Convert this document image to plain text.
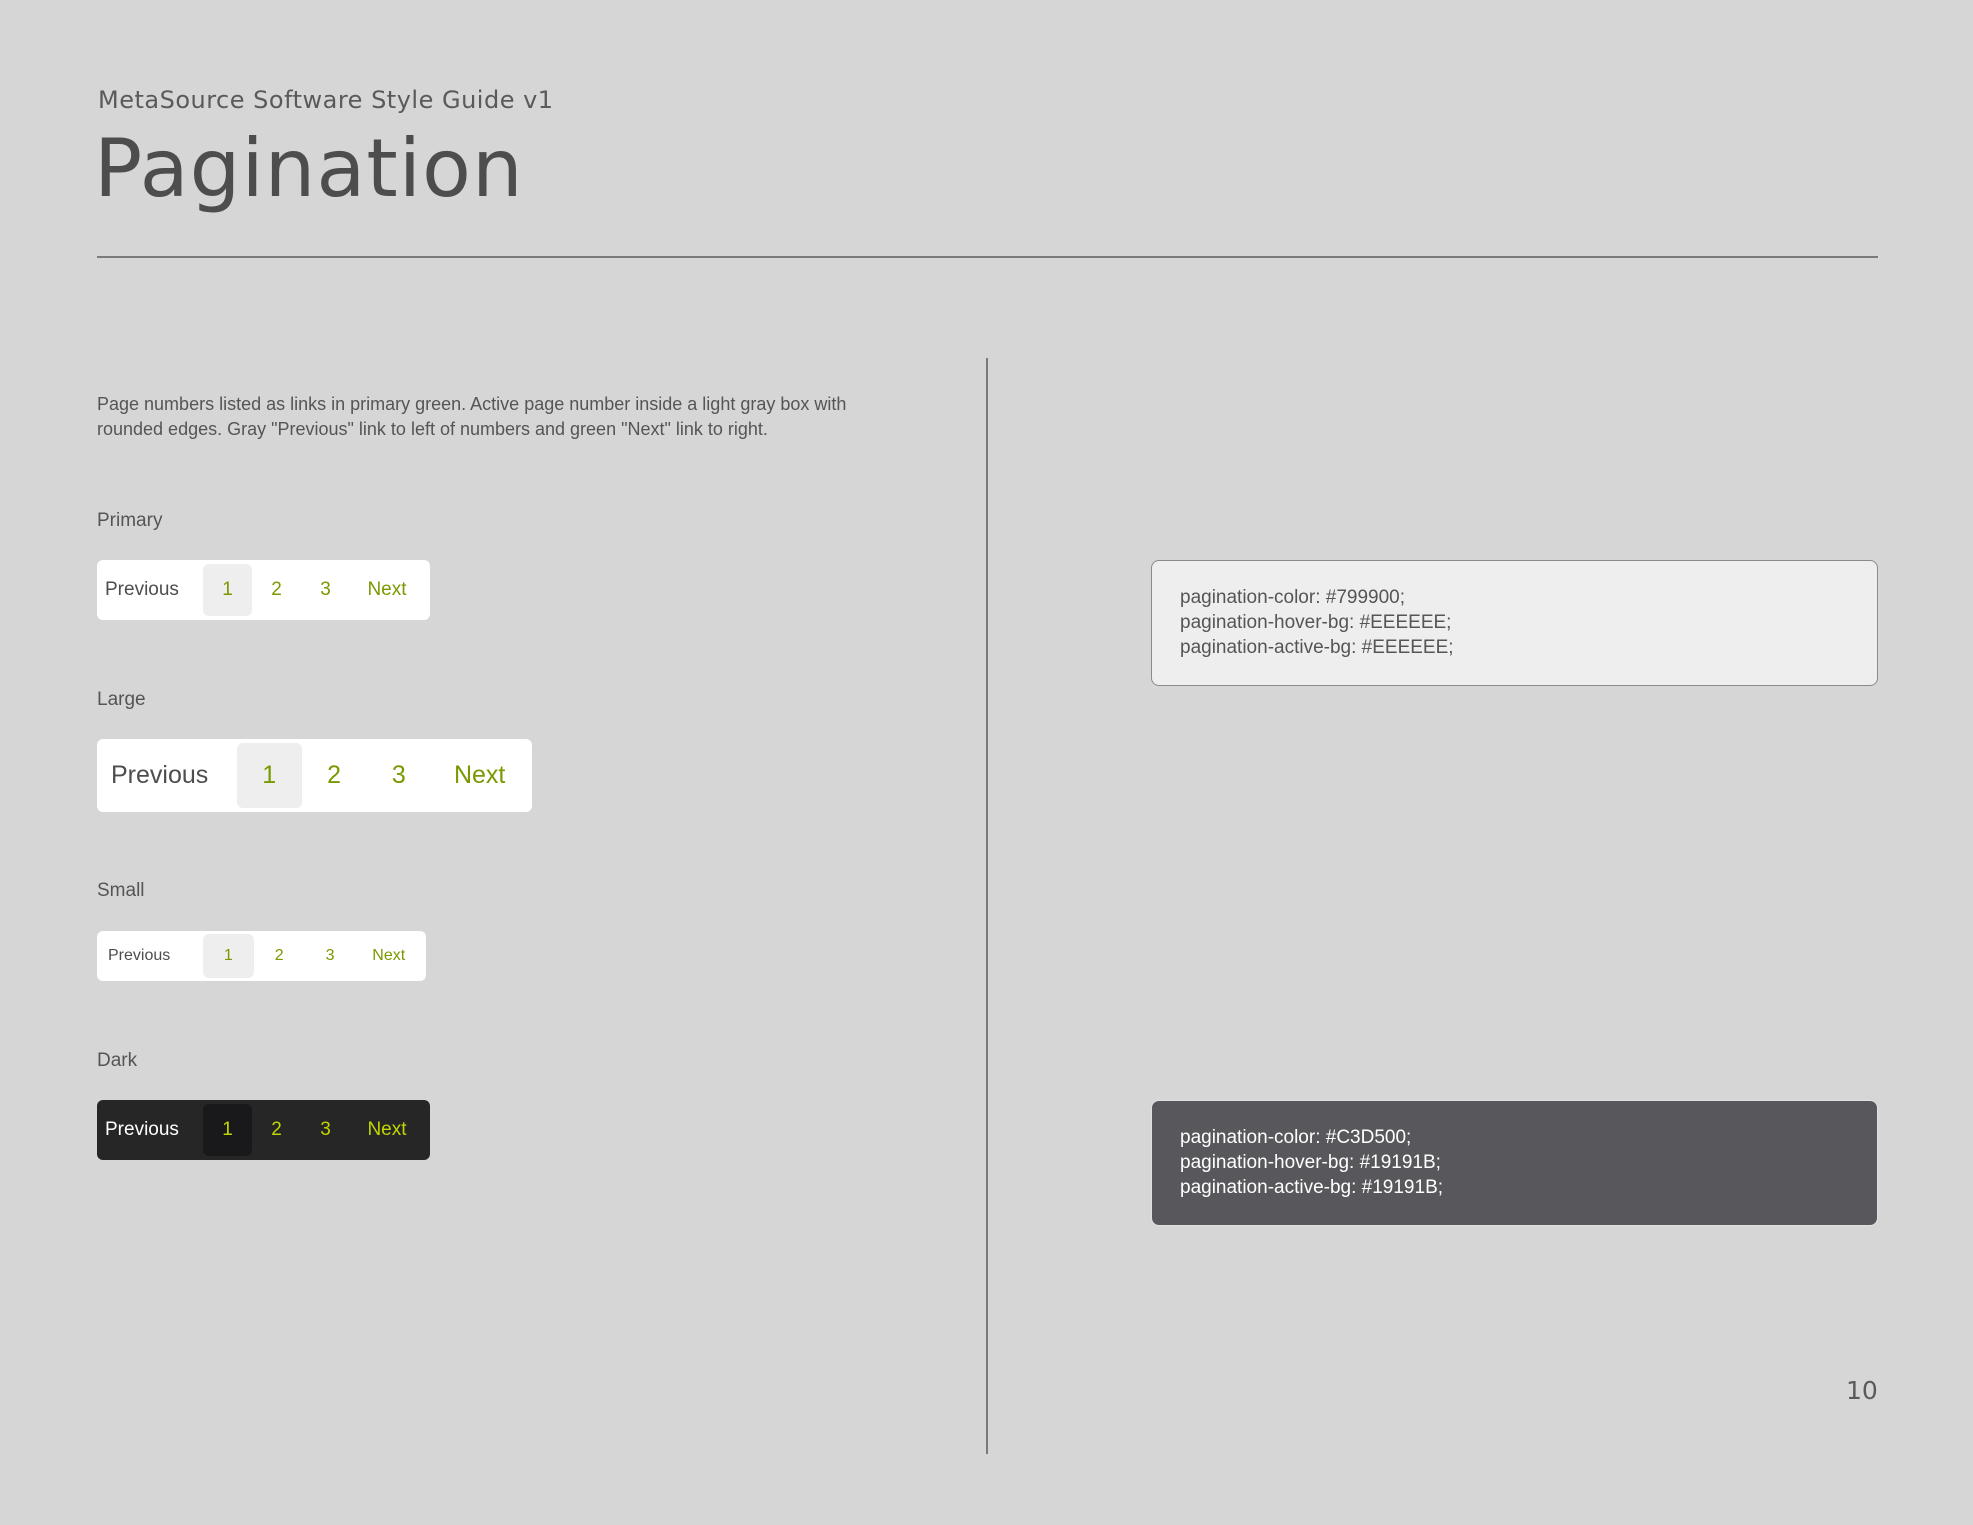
MetaSource Software Style Guide v1
Pagination
Page numbers listed as links in primary green. Active page number inside a light gray box with rounded edges. Gray "Previous" link to left of numbers and green "Next" link to right.
Primary
Previous	1	2	3	Next
Large
Previous	1	2	3	Next
Small
Previous	1	2	3	Next
Dark
Previous	1	2	3	Next
pagination-color: #799900;
pagination-hover-bg: #EEEEEE;
pagination-active-bg: #EEEEEE;
pagination-color: #C3D500;
pagination-hover-bg: #19191B;
pagination-active-bg: #19191B;
10
